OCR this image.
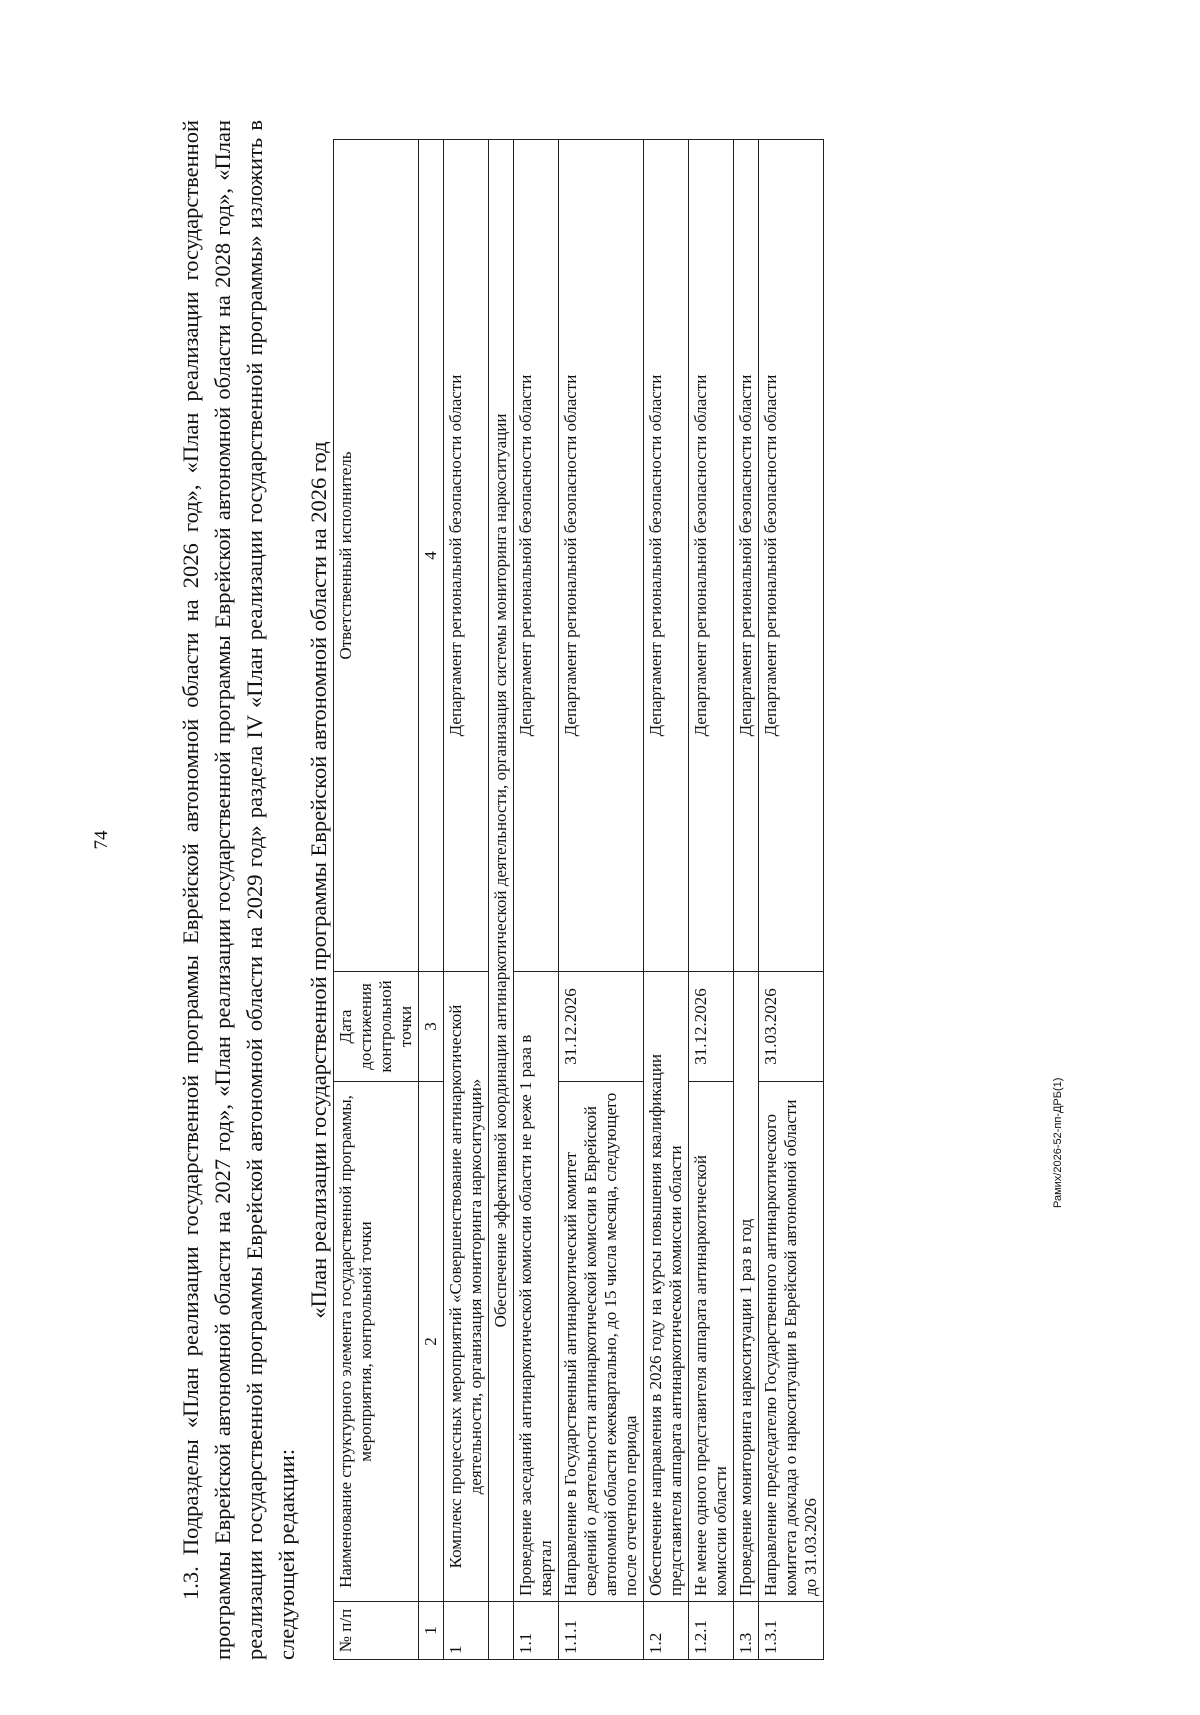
74
Рамиx/2026-52-пп-ДРБ(1)

1.3. Подразделы «План реализации государственной программы Еврейской автономной области на 2026 год», «План реализации государственной программы Еврейской автономной области на 2027 год», «План реализации государственной программы Еврейской автономной области на 2028 год», «План реализации государственной программы Еврейской автономной области на 2029 год» раздела IV «План реализации государственной программы» изложить в следующей редакции:

«План реализации государственной программы Еврейской автономной области на 2026 год
№ п/п	Наименование структурного элемента государственной программы, мероприятия, контрольной точки	Дата достижения контрольной точки	Ответственный исполнитель
1	2	3	4
1	Комплекс процессных мероприятий «Совершенствование антинаркотической деятельности, организация мониторинга наркоситуации»		Департамент региональной безопасности области
	Обеспечение эффективной координации антинаркотической деятельности, организация системы мониторинга наркоситуации		
1.1	Проведение заседаний антинаркотической комиссии области не реже 1 раза в квартал		Департамент региональной безопасности области
1.1.1	Направление в Государственный антинаркотический комитет сведений о деятельности антинаркотической комиссии в Еврейской автономной области ежеквартально, до 15 числа месяца, следующего после отчетного периода	31.12.2026	Департамент региональной безопасности области
1.2	Обеспечение направления в 2026 году на курсы повышения квалификации представителя аппарата антинаркотической комиссии области		Департамент региональной безопасности области
1.2.1	Не менее одного представителя аппарата антинаркотической комиссии области	31.12.2026	Департамент региональной безопасности области
1.3	Проведение мониторинга наркоситуации 1 раз в год		Департамент региональной безопасности области
1.3.1	Направление председателю Государственного антинаркотического комитета доклада о наркоситуации в Еврейской автономной области до 31.03.2026	31.03.2026	Департамент региональной безопасности области
